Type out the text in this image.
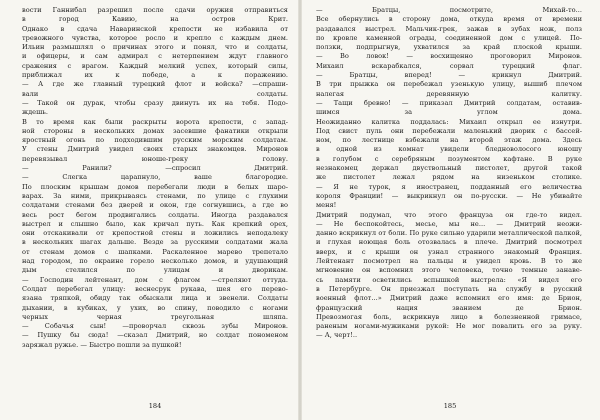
вости Ганнибал разрешил после сдачи оружия отправиться
в город Кавию, на остров Крит.
Однако в сдача Наваринской крепости не избавила от
тревожного чувства, которое росло и крепло с каждым днем.
Ильин размышлял о причинах этого и понял, что и солдаты,
и офицеры, и сам адмирал с нетерпением ждут главного
сражения с врагом. Каждый мелкий успех, который силы,
приближал их к победе, а к поражению.
— А где же главный турецкий флот и войска? —спраши-
вали солдаты.
— Такой он дурак, чтобы сразу двинуть их на тебя. Подо-
ждешь.
В то время как были раскрыты ворота крепости, с запад-
ной стороны в нескольких домах засевшие фанатики открыли
яростный огонь по подходившим русским морским солдатам.
У стены Дмитрий увидел своих старых знакомцев. Миронов
перевязывал юноше-греку голову.
— Ранили? —спросил Дмитрий.
— Слегка царапнуло, ваше благородие.
По плоским крышам домов перебегали люди в белых шаро-
варах. За ними, прикрываясь стенами, по улице с глухими
солдатами стенами без дверей и окон, где согнувшись, а где во
весь рост бегом продвигались солдаты. Иногда раздавался
выстрел и слышно было, как кричал путь. Как крепкий орех,
они отскакивали от крепостной стены и ложились неподалеку
в нескольких шагах дальше. Везде за русскими солдатами жала
от стенам домов с шапками. Раскаленное марево трепетало
над городом, по окраине горело несколько домов, и удушающий
дым стелился по улицам и дворикам.
— Господин лейтенант, дом с флагом —стреляют оттуда.
Солдат перебегал улицу: веснесрук рукава, шея его перево-
язана тряпкой, обиду так обыскали лица и звенели. Солдаты
дыхании, в кубиках, у ухих, во спину, поводило с ногами
черных черная треугольная шляпа.
— Собачья сын! —проворчал сквозь зубы Миронов.
— Пушку бы сюда! —сказал Дмитрий, но солдат пономеном
заряжал ружье. — Быстро пошли за пушкой!
184
— Братцы, посмотрите, Михай-то...
Все обернулись в сторону дома, откуда время от времени
раздавался выстрел. Мальчик-грек, зажав в зубах нож, полз
по кровле каменной ограды, соединенной дом с улицей. По-
ползки, подпрыгнув, ухватился за край плоской крыши.
— Во ловок! — восхищенно проговорил Миронов.
Михаил вскарабкался, сорвал турецкий флаг.
— Братцы, вперед! — крикнул Дмитрий.
В три прыжка он перебежал узенькую улицу, вышиб плечом
налегая деревянную калитку.
— Тащи бревно! — приказал Дмитрий солдатам, оставив-
шимся за углом дома.
Неожиданно калитка поддалась: Михаил открыл ее изнутри.
Под свист пуль они перебежали маленький дворик с бассей-
ном, по лестнице взбежали на второй этаж дома. Здесь
в одной из комнат увидели бледноволосого юношу
в голубом с серебряным позументом кафтане. В руке
незнакомец держал двуствольный пистолет, другой такой
же пистолет лежал рядом на низеньком столике.
— Я не турок, я иностранец, подданный его величества
короля Франции! — выкрикнул он по-русски. — Не убивайте
меня!
Дмитрий подумал, что этого француза он где-то видел.
— Не беспокойтесь, месье, мы не... — Дмитрий неожи-
данно вскрикнул от боли. По руке сильно ударили металлической палкой,
и глухая ноющая боль отозвалась в плече. Дмитрий посмотрел
вверх, и с крыши он узнал странного знакомый Франция.
Лейтенант посмотрел на пальцы и увидел кровь. В то же
мгновение он вспомнил этого человека, точно темные занаве-
сь памяти осветились вспышкой выстрела: «Я видел его
в Петербурге. Он приезжал поступать на службу в русский
военный флот...» Дмитрий даже вспомнил его имя: де Брион,
французский нация званием де Брион.
Превозмогая боль, вскрикнув лицо в болезненной гримасе,
раненым ногами-мужиками рукой: Не мог повалить его за руку.
— А, черт!..
185
